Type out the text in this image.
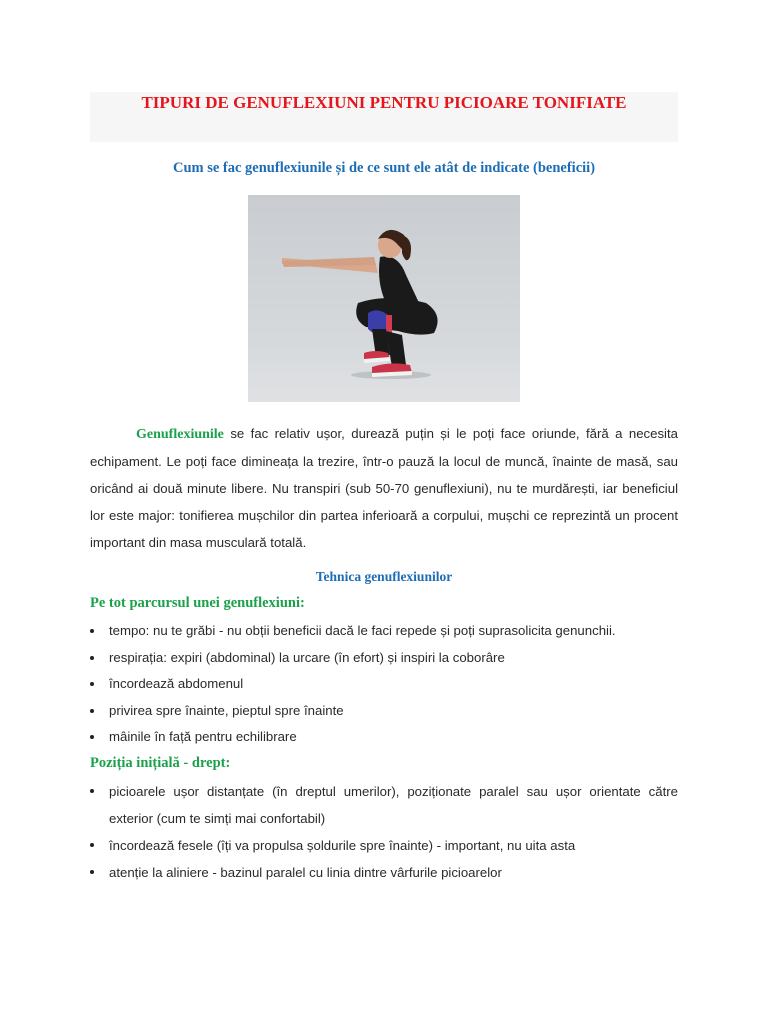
TIPURI DE GENUFLEXIUNI PENTRU PICIOARE TONIFIATE
Cum se fac genuflexiunile și de ce sunt ele atât de indicate (beneficii)
Genuflexiunile se fac relativ ușor, durează puțin și le poți face oriunde, fără a necesita echipament. Le poți face dimineața la trezire, într-o pauză la locul de muncă, înainte de masă, sau oricând ai două minute libere. Nu transpiri (sub 50-70 genuflexiuni), nu te murdărești, iar beneficiul lor este major: tonifierea mușchilor din partea inferioară a corpului, mușchi ce reprezintă un procent important din masa musculară totală.
Tehnica genuflexiunilor
Pe tot parcursul unei genuflexiuni:
tempo: nu te grăbi - nu obții beneficii dacă le faci repede și poți suprasolicita genunchii.
respirația: expiri (abdominal) la urcare (în efort) și inspiri la coborâre
încordează abdomenul
privirea spre înainte, pieptul spre înainte
mâinile în față pentru echilibrare
Poziția inițială - drept:
picioarele ușor distanțate (în dreptul umerilor), poziționate paralel sau ușor orientate către exterior (cum te simți mai confortabil)
încordează fesele (îți va propulsa șoldurile spre înainte) - important, nu uita asta
atenție la aliniere - bazinul paralel cu linia dintre vârfurile picioarelor
